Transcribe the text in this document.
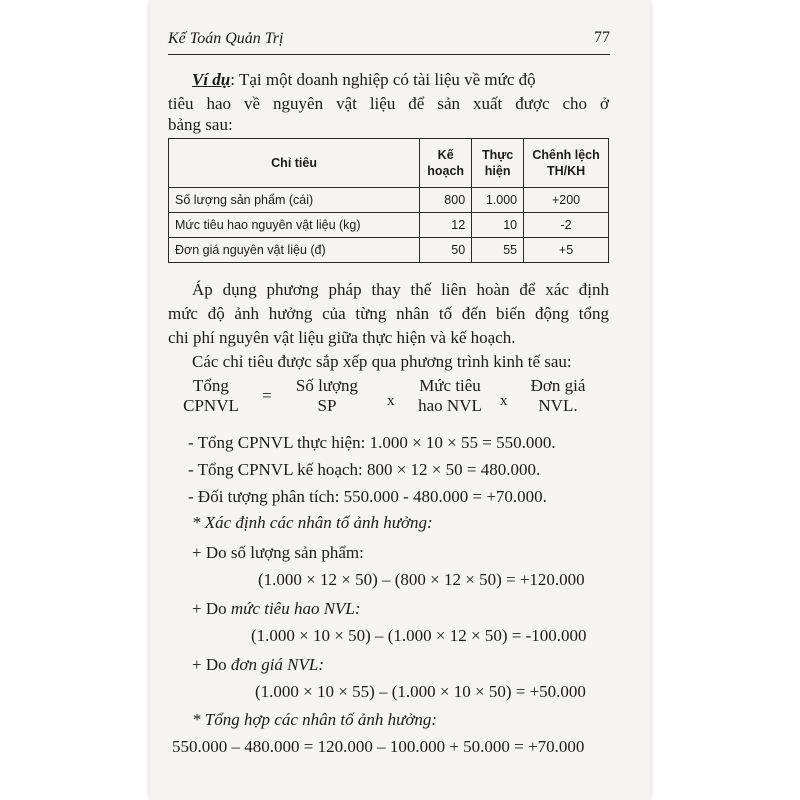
Kế Toán Quản Trị	77
Ví dụ: Tại một doanh nghiệp có tài liệu về mức độ
tiêu hao về nguyên vật liệu để sản xuất được cho ở
bảng sau:
Chỉ tiêu	Kế hoạch	Thực hiện	Chênh lệch TH/KH
Số lượng sản phẩm (cái)	800	1.000	+200
Mức tiêu hao nguyên vật liệu (kg)	12	10	-2
Đơn giá nguyên vật liệu (đ)	50	55	+5
Áp dụng phương pháp thay thế liên hoàn để xác định
mức độ ảnh hưởng của từng nhân tố đến biến động tổng
chi phí nguyên vật liệu giữa thực hiện và kế hoạch.
Các chỉ tiêu được sắp xếp qua phương trình kinh tế sau:
Tổng CPNVL
=
Số lượng SP	x
Mức tiêu hao NVL	x
Đơn giá NVL.
- Tổng CPNVL thực hiện: 1.000 × 10 × 55 = 550.000.
- Tổng CPNVL kế hoạch: 800 × 12 × 50 = 480.000.
- Đối tượng phân tích: 550.000 - 480.000 = +70.000.
* Xác định các nhân tố ảnh hưởng:
+ Do số lượng sản phẩm:
(1.000 × 12 × 50) – (800 × 12 × 50) = +120.000
+ Do mức tiêu hao NVL:
(1.000 × 10 × 50) – (1.000 × 12 × 50) = -100.000
+ Do đơn giá NVL:
(1.000 × 10 × 55) – (1.000 × 10 × 50) = +50.000
* Tổng hợp các nhân tố ảnh hưởng:
550.000 – 480.000 = 120.000 – 100.000 + 50.000 = +70.000
